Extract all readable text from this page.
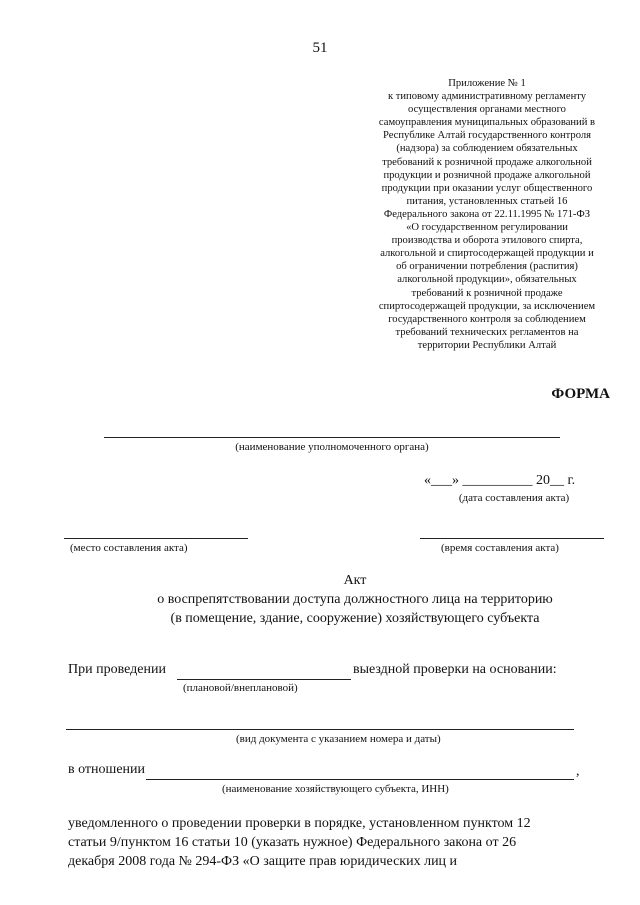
51
Приложение № 1
к типовому административному регламенту
осуществления органами местного
самоуправления муниципальных образований в
Республике Алтай государственного контроля
(надзора) за соблюдением обязательных
требований к розничной продаже алкогольной
продукции и розничной продаже алкогольной
продукции при оказании услуг общественного
питания, установленных статьей 16
Федерального закона от 22.11.1995 № 171-ФЗ
«О государственном регулировании
производства и оборота этилового спирта,
алкогольной и спиртосодержащей продукции и
об ограничении потребления (распития)
алкогольной продукции», обязательных
требований к розничной продаже
спиртосодержащей продукции, за исключением
государственного контроля за соблюдением
требований технических регламентов на
территории Республики Алтай
ФОРМА
(наименование уполномоченного органа)
«___» __________ 20__ г.
(дата составления акта)
(место составления акта)	(время составления акта)
Акт
о воспрепятствовании доступа должностного лица на территорию
(в помещение, здание, сооружение) хозяйствующего субъекта
При проведении	выездной проверки на основании:
(плановой/внеплановой)
(вид документа с указанием номера и даты)
в отношении	,
(наименование хозяйствующего субъекта, ИНН)
уведомленного о проведении проверки в порядке, установленном пунктом 12
статьи 9/пунктом 16 статьи 10 (указать нужное) Федерального закона от 26
декабря 2008 года № 294-ФЗ «О защите прав юридических лиц и
